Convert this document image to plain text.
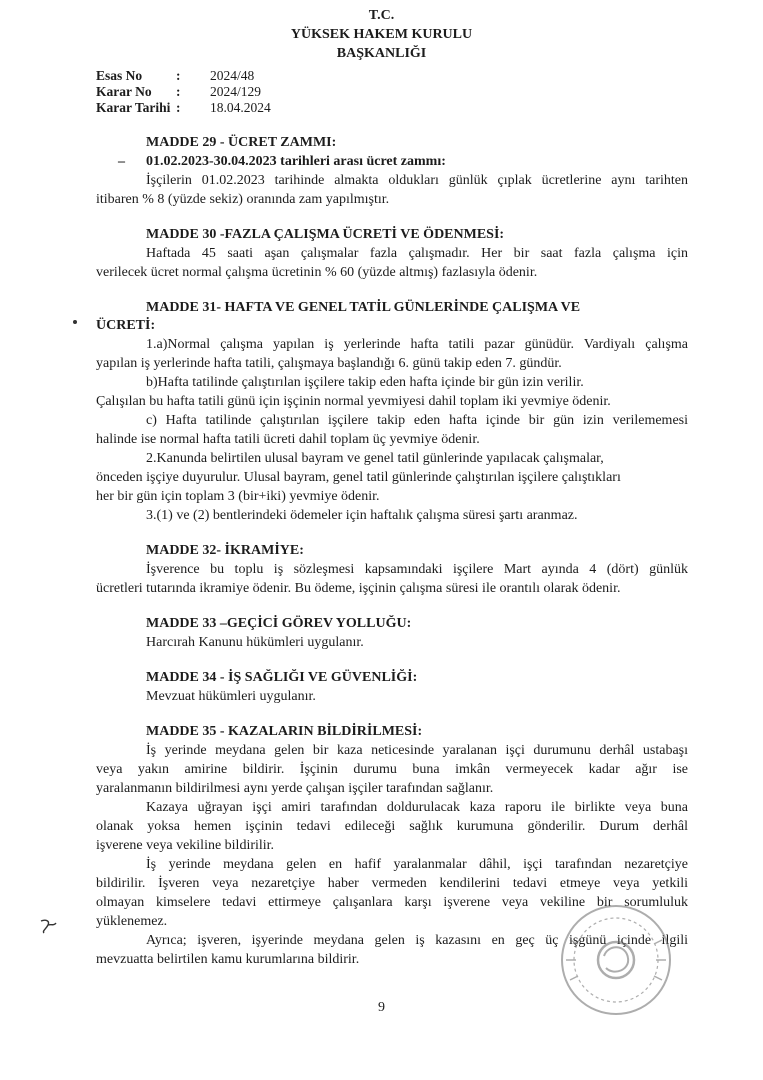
T.C.
YÜKSEK HAKEM KURULU
BAŞKANLIĞI
Esas No	: 2024/48
Karar No : 2024/129
Karar Tarihi : 18.04.2024
MADDE 29 - ÜCRET ZAMMI:
–	01.02.2023-30.04.2023 tarihleri arası ücret zammı:
İşçilerin 01.02.2023 tarihinde almakta oldukları günlük çıplak ücretlerine aynı tarihten
itibaren % 8 (yüzde sekiz) oranında zam yapılmıştır.
MADDE 30 -FAZLA ÇALIŞMA ÜCRETİ VE ÖDENMESİ:
Haftada 45 saati aşan çalışmalar fazla çalışmadır. Her bir saat fazla çalışma için
verilecek ücret normal çalışma ücretinin % 60 (yüzde altmış) fazlasıyla ödenir.
MADDE 31- HAFTA VE GENEL TATİL GÜNLERİNDE ÇALIŞMA VE
ÜCRETİ:
1.a)Normal çalışma yapılan iş yerlerinde hafta tatili pazar günüdür. Vardiyalı çalışma
yapılan iş yerlerinde hafta tatili, çalışmaya başlandığı 6. günü takip eden 7. gündür.
b)Hafta tatilinde çalıştırılan işçilere takip eden hafta içinde bir gün izin verilir.
Çalışılan bu hafta tatili günü için işçinin normal yevmiyesi dahil toplam iki yevmiye ödenir.
c) Hafta tatilinde çalıştırılan işçilere takip eden hafta içinde bir gün izin verilememesi
halinde ise normal hafta tatili ücreti dahil toplam üç yevmiye ödenir.
2.Kanunda belirtilen ulusal bayram ve genel tatil günlerinde yapılacak çalışmalar,
önceden işçiye duyurulur. Ulusal bayram, genel tatil günlerinde çalıştırılan işçilere çalıştıkları
her bir gün için toplam 3 (bir+iki) yevmiye ödenir.
3.(1) ve (2) bentlerindeki ödemeler için haftalık çalışma süresi şartı aranmaz.
MADDE 32- İKRAMİYE:
İşverence bu toplu iş sözleşmesi kapsamındaki işçilere Mart ayında 4 (dört) günlük
ücretleri tutarında ikramiye ödenir. Bu ödeme, işçinin çalışma süresi ile orantılı olarak ödenir.
MADDE 33 –GEÇİCİ GÖREV YOLLUĞU:
Harcırah Kanunu hükümleri uygulanır.
MADDE 34 - İŞ SAĞLIĞI VE GÜVENLİĞİ:
Mevzuat hükümleri uygulanır.
MADDE 35 - KAZALARIN BİLDİRİLMESİ:
İş yerinde meydana gelen bir kaza neticesinde yaralanan işçi durumunu derhâl ustabaşı
veya yakın amirine bildirir. İşçinin durumu buna imkân vermeyecek kadar ağır ise
yaralanmanın bildirilmesi aynı yerde çalışan işçiler tarafından sağlanır.
Kazaya uğrayan işçi amiri tarafından doldurulacak kaza raporu ile birlikte veya buna
olanak yoksa hemen işçinin tedavi edileceği sağlık kurumuna gönderilir. Durum derhâl
işverene veya vekiline bildirilir.
İş yerinde meydana gelen en hafif yaralanmalar dâhil, işçi tarafından nezaretçiye
bildirilir. İşveren veya nezaretçiye haber vermeden kendilerini tedavi etmeye veya yetkili
olmayan kimselere tedavi ettirmeye çalışanlara karşı işverene veya vekiline bir sorumluluk
yüklenemez.
Ayrıca; işveren, işyerinde meydana gelen iş kazasını en geç üç işgünü içinde ilgili
mevzuatta belirtilen kamu kurumlarına bildirir.
9
